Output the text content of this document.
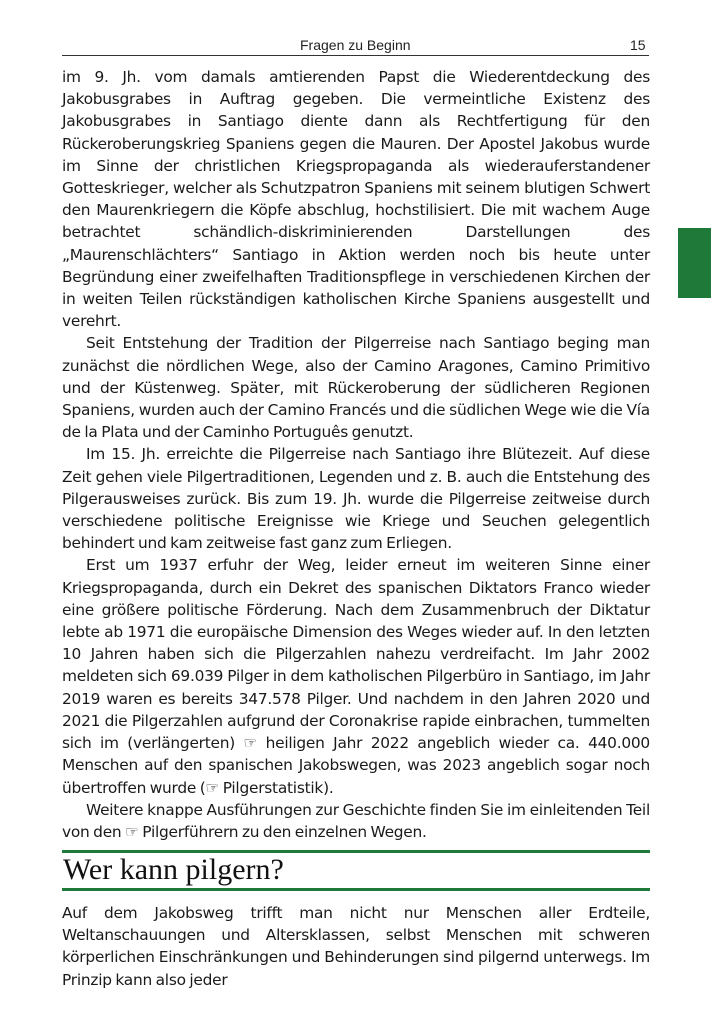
Fragen zu Beginn	15

im 9. Jh. vom damals amtierenden Papst die Wiederentdeckung des Jakobusgrabes in Auftrag gegeben. Die vermeintliche Existenz des Jakobusgrabes in Santiago diente dann als Rechtfertigung für den Rückeroberungskrieg Spaniens gegen die Mauren. Der Apostel Jakobus wurde im Sinne der christlichen Kriegspropaganda als wiederauferstandener Gotteskrieger, welcher als Schutzpatron Spaniens mit seinem blutigen Schwert den Maurenkriegern die Köpfe abschlug, hochstilisiert. Die mit wachem Auge betrachtet schändlich-diskriminierenden Darstellungen des „Maurenschlächters“ Santiago in Aktion werden noch bis heute unter Begründung einer zweifelhaften Traditionspflege in verschiedenen Kirchen der in weiten Teilen rückständigen katholischen Kirche Spaniens ausgestellt und verehrt.

Seit Entstehung der Tradition der Pilgerreise nach Santiago beging man zunächst die nördlichen Wege, also der Camino Aragones, Camino Primitivo und der Küstenweg. Später, mit Rückeroberung der südlicheren Regionen Spaniens, wurden auch der Camino Francés und die südlichen Wege wie die Vía de la Plata und der Caminho Português genutzt.

Im 15. Jh. erreichte die Pilgerreise nach Santiago ihre Blütezeit. Auf diese Zeit gehen viele Pilgertraditionen, Legenden und z. B. auch die Entstehung des Pilgerausweises zurück. Bis zum 19. Jh. wurde die Pilgerreise zeitweise durch verschiedene politische Ereignisse wie Kriege und Seuchen gelegentlich behindert und kam zeitweise fast ganz zum Erliegen.

Erst um 1937 erfuhr der Weg, leider erneut im weiteren Sinne einer Kriegspropaganda, durch ein Dekret des spanischen Diktators Franco wieder eine größere politische Förderung. Nach dem Zusammenbruch der Diktatur lebte ab 1971 die europäische Dimension des Weges wieder auf. In den letzten 10 Jahren haben sich die Pilgerzahlen nahezu verdreifacht. Im Jahr 2002 meldeten sich 69.039 Pilger in dem katholischen Pilgerbüro in Santiago, im Jahr 2019 waren es bereits 347.578 Pilger. Und nachdem in den Jahren 2020 und 2021 die Pilgerzahlen aufgrund der Coronakrise rapide einbrachen, tummelten sich im (verlängerten) ☞ heiligen Jahr 2022 angeblich wieder ca. 440.000 Menschen auf den spanischen Jakobswegen, was 2023 angeblich sogar noch übertroffen wurde (☞ Pilgerstatistik).

Weitere knappe Ausführungen zur Geschichte finden Sie im einleitenden Teil von den ☞ Pilgerführern zu den einzelnen Wegen.

Wer kann pilgern?

Auf dem Jakobsweg trifft man nicht nur Menschen aller Erdteile, Weltanschauungen und Altersklassen, selbst Menschen mit schweren körperlichen Einschränkungen und Behinderungen sind pilgernd unterwegs. Im Prinzip kann also jeder
